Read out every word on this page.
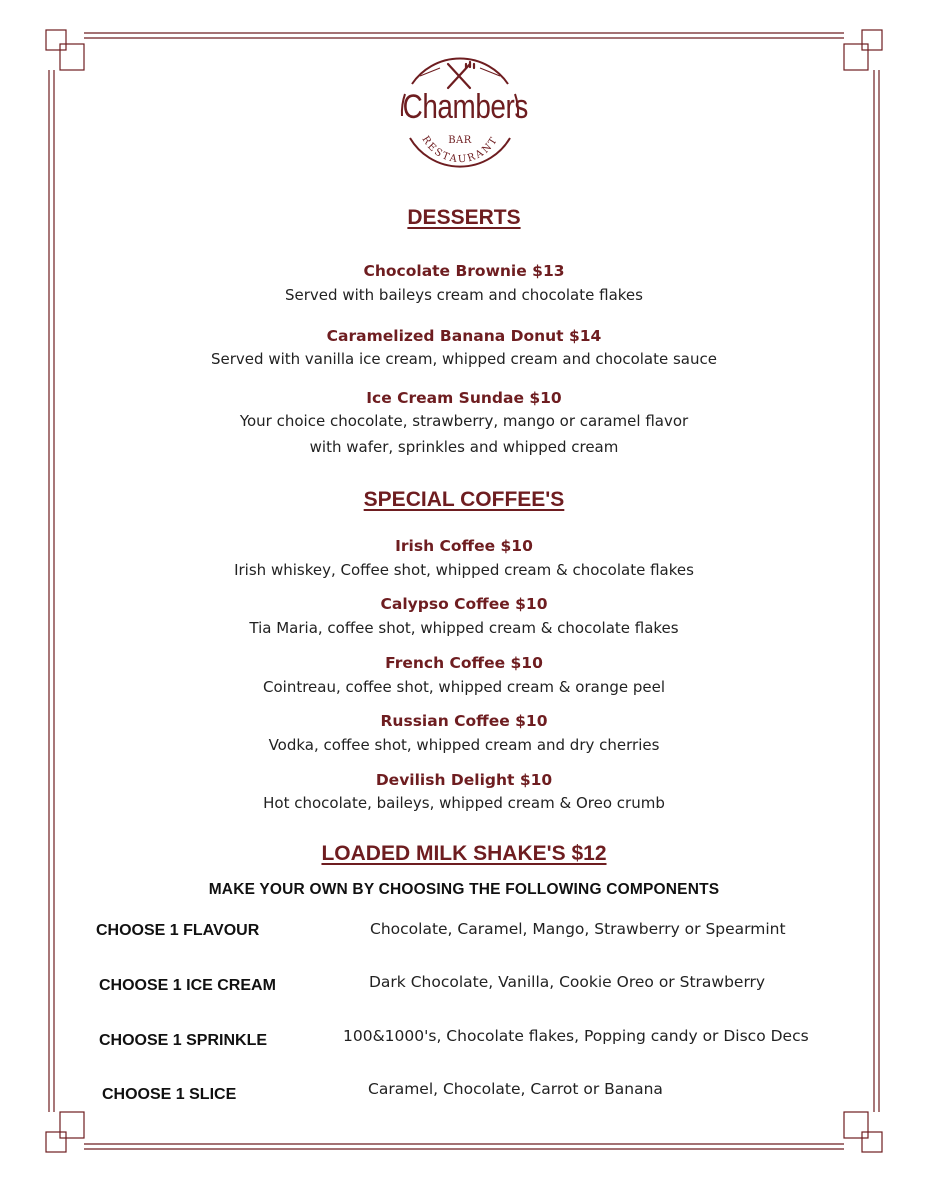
RESTAURANT
Chambers
BAR
DESSERTS
Chocolate Brownie $13
Served with baileys cream and chocolate flakes
Caramelized Banana Donut $14
Served with vanilla ice cream, whipped cream and chocolate sauce
Ice Cream Sundae $10
Your choice chocolate, strawberry, mango or caramel flavor
with wafer, sprinkles and whipped cream
SPECIAL COFFEE'S
Irish Coffee $10
Irish whiskey, Coffee shot, whipped cream & chocolate flakes
Calypso Coffee $10
Tia Maria, coffee shot, whipped cream & chocolate flakes
French Coffee $10
Cointreau, coffee shot, whipped cream & orange peel
Russian Coffee $10
Vodka, coffee shot, whipped cream and dry cherries
Devilish Delight $10
Hot chocolate, baileys, whipped cream & Oreo crumb
LOADED MILK SHAKE'S $12
MAKE YOUR OWN BY CHOOSING THE FOLLOWING COMPONENTS
CHOOSE 1 FLAVOUR	Chocolate, Caramel, Mango, Strawberry or Spearmint
CHOOSE 1 ICE CREAM	Dark Chocolate, Vanilla, Cookie Oreo or Strawberry
CHOOSE 1 SPRINKLE	100&1000's, Chocolate flakes, Popping candy or Disco Decs
CHOOSE 1 SLICE	Caramel, Chocolate, Carrot or Banana
